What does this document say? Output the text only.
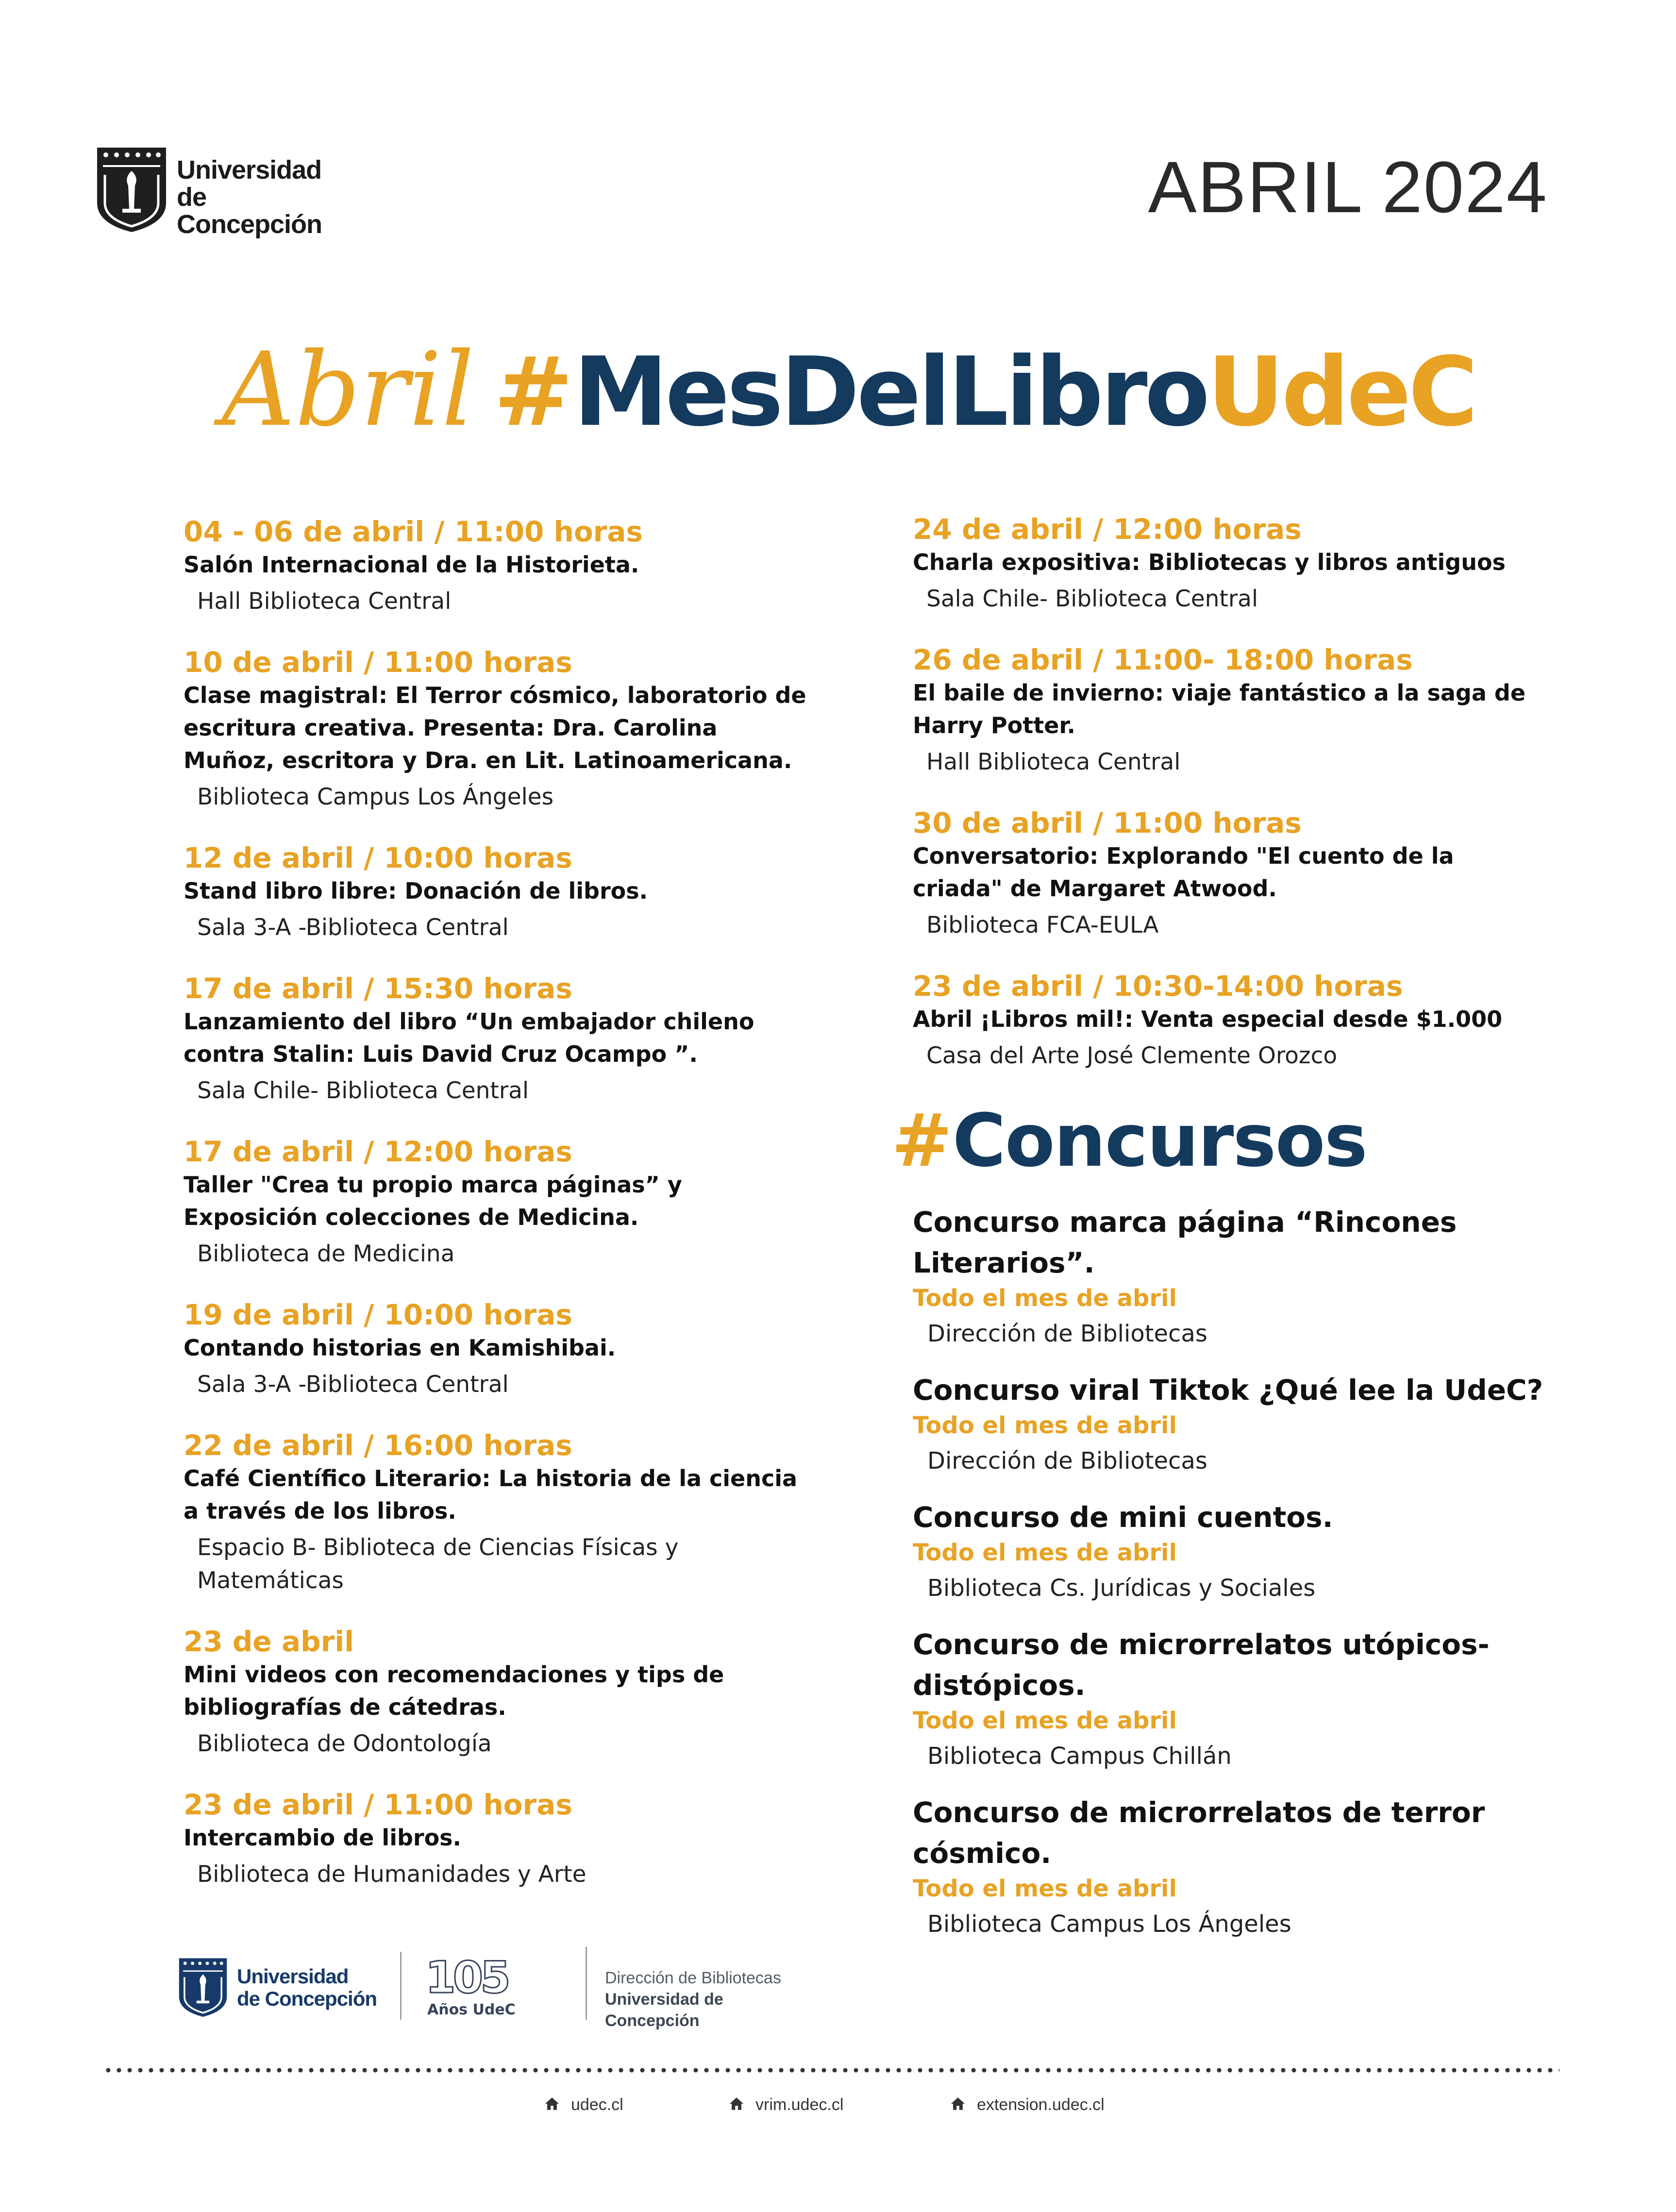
Universidad
de Concepción	ABRIL 2024
Abril #MesDelLibroUdeC
04 - 06 de abril / 11:00 horas
Salón Internacional de la Historieta.
Hall Biblioteca Central
10 de abril / 11:00 horas
Clase magistral: El Terror cósmico, laboratorio de escritura creativa. Presenta: Dra. Carolina Muñoz, escritora y Dra. en Lit. Latinoamericana.
Biblioteca Campus Los Ángeles
12 de abril / 10:00 horas
Stand libro libre: Donación de libros.
Sala 3-A -Biblioteca Central
17 de abril / 15:30 horas
Lanzamiento del libro “Un embajador chileno contra Stalin: Luis David Cruz Ocampo ”.
Sala Chile- Biblioteca Central
17 de abril / 12:00 horas
Taller "Crea tu propio marca páginas” y Exposición colecciones de Medicina.
Biblioteca de Medicina
19 de abril / 10:00 horas
Contando historias en Kamishibai.
Sala 3-A -Biblioteca Central
22 de abril / 16:00 horas
Café Científico Literario: La historia de la ciencia a través de los libros.
Espacio B- Biblioteca de Ciencias Físicas y Matemáticas
23 de abril
Mini videos con recomendaciones y tips de bibliografías de cátedras.
Biblioteca de Odontología
23 de abril / 11:00 horas
Intercambio de libros.
Biblioteca de Humanidades y Arte
24 de abril / 12:00 horas
Charla expositiva: Bibliotecas y libros antiguos
Sala Chile- Biblioteca Central
26 de abril / 11:00- 18:00 horas
El baile de invierno: viaje fantástico a la saga de Harry Potter.
Hall Biblioteca Central
30 de abril / 11:00 horas
Conversatorio: Explorando "El cuento de la criada" de Margaret Atwood.
Biblioteca FCA-EULA
23 de abril / 10:30-14:00 horas
Abril ¡Libros mil!: Venta especial desde $1.000
Casa del Arte José Clemente Orozco
#Concursos
Concurso marca página “Rincones Literarios”.
Todo el mes de abril
Dirección de Bibliotecas
Concurso viral Tiktok ¿Qué lee la UdeC?
Todo el mes de abril
Dirección de Bibliotecas
Concurso de mini cuentos.
Todo el mes de abril
Biblioteca Cs. Jurídicas y Sociales
Concurso de microrrelatos utópicos-distópicos.
Todo el mes de abril
Biblioteca Campus Chillán
Concurso de microrrelatos de terror cósmico.
Todo el mes de abril
Biblioteca Campus Los Ángeles
Universidad
de Concepción 105
Años UdeC
Dirección de Bibliotecas
Universidad de Concepción
udec.cl	vrim.udec.cl	extension.udec.cl
